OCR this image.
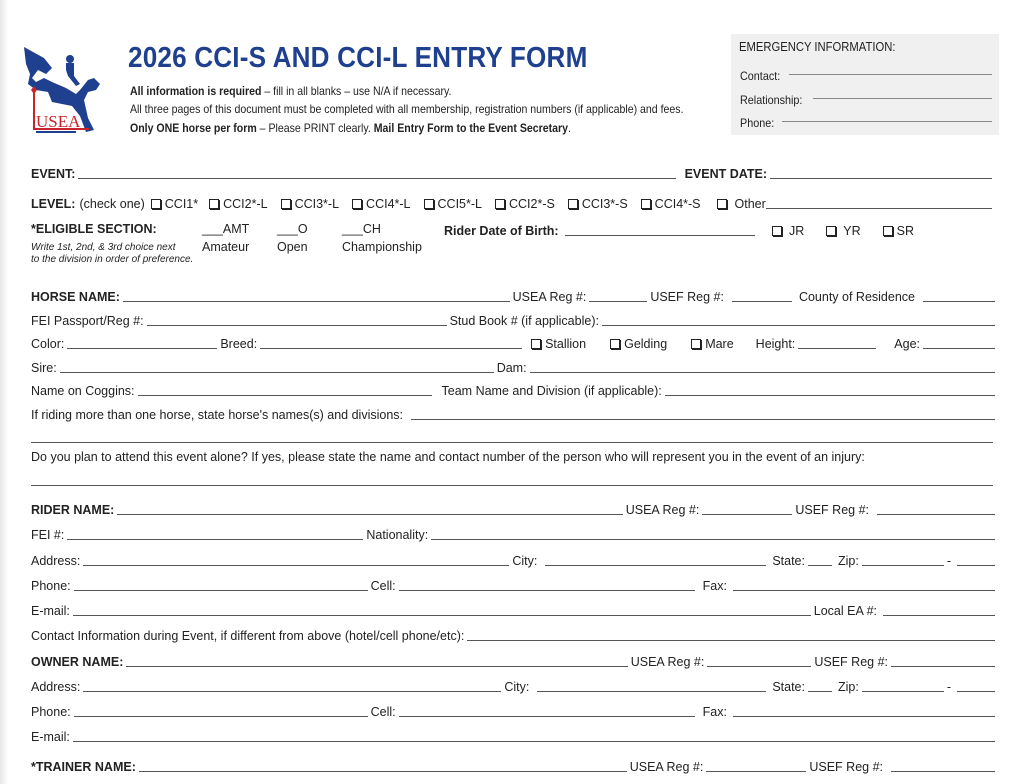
USEA
2026 CCI-S AND CCI-L ENTRY FORM
All information is required – fill in all blanks – use N/A if necessary.
All three pages of this document must be completed with all membership, registration numbers (if applicable) and fees.
Only ONE horse per form – Please PRINT clearly. Mail Entry Form to the Event Secretary.
EMERGENCY INFORMATION:
Contact:
Relationship:
Phone:
EVENT:	EVENT DATE:
LEVEL: (check one) CCI1* CCI2*-L CCI3*-L CCI4*-L CCI5*-L CCI2*-S CCI3*-S CCI4*-S	Other
*ELIGIBLE SECTION:
Write 1st, 2nd, & 3rd choice next
to the division in order of preference.
___AMT
Amateur
___O
Open
___CH
Championship
Rider Date of Birth:	JR	YR	SR
HORSE NAME:	USEA Reg #:	USEF Reg #:	County of Residence
FEI Passport/Reg #:	Stud Book # (if applicable):
Color:	Breed:	Stallion	Gelding	Mare Height:	Age:
Sire:	Dam:
Name on Coggins:	Team Name and Division (if applicable):
If riding more than one horse, state horse's names(s) and divisions:
Do you plan to attend this event alone? If yes, please state the name and contact number of the person who will represent you in the event of an injury:
RIDER NAME:	USEA Reg #:	USEF Reg #:
FEI #:	Nationality:
Address:	City:	State:	Zip:	-
Phone:	Cell:	Fax:
E-mail:	Local EA #:
Contact Information during Event, if different from above (hotel/cell phone/etc):
OWNER NAME:	USEA Reg #:	USEF Reg #:
Address:	City:	State:	Zip:	-
Phone:	Cell:	Fax:
E-mail:
*TRAINER NAME:	USEA Reg #:	USEF Reg #:
